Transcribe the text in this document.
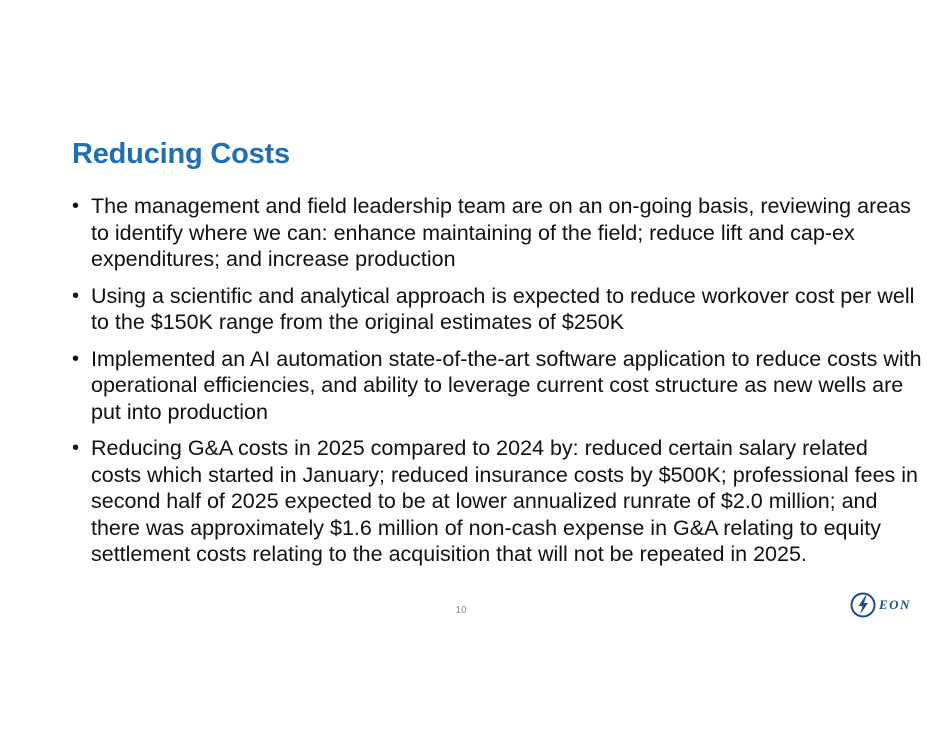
Reducing Costs
• The management and field leadership team are on an on-going basis, reviewing areas to identify where we can: enhance maintaining of the field; reduce lift and cap-ex expenditures; and increase production
• Using a scientific and analytical approach is expected to reduce workover cost per well to the $150K range from the original estimates of $250K
• Implemented an AI automation state-of-the-art software application to reduce costs with operational efficiencies, and ability to leverage current cost structure as new wells are put into production
• Reducing G&A costs in 2025 compared to 2024 by: reduced certain salary related costs which started in January; reduced insurance costs by $500K; professional fees in second half of 2025 expected to be at lower annualized runrate of $2.0 million; and there was approximately $1.6 million of non-cash expense in G&A relating to equity settlement costs relating to the acquisition that will not be repeated in 2025.
10	EON
